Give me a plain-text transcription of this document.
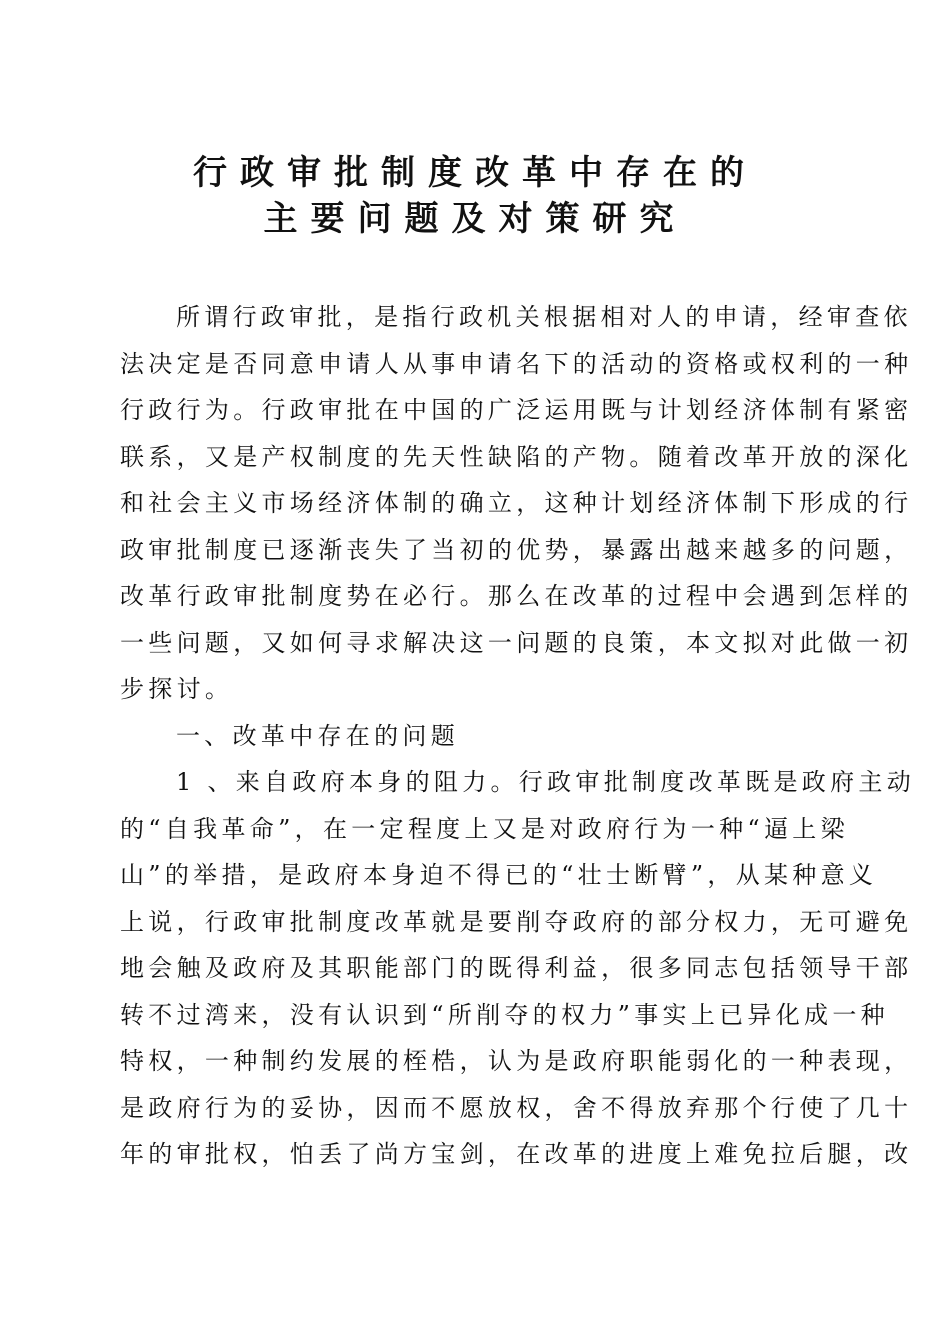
行政审批制度改革中存在的
主要问题及对策研究

所谓行政审批，是指行政机关根据相对人的申请，经审查依
法决定是否同意申请人从事申请名下的活动的资格或权利的一种
行政行为。行政审批在中国的广泛运用既与计划经济体制有紧密
联系，又是产权制度的先天性缺陷的产物。随着改革开放的深化
和社会主义市场经济体制的确立，这种计划经济体制下形成的行
政审批制度已逐渐丧失了当初的优势，暴露出越来越多的问题，
改革行政审批制度势在必行。那么在改革的过程中会遇到怎样的
一些问题，又如何寻求解决这一问题的良策，本文拟对此做一初
步探讨。

一、改革中存在的问题

1 、来自政府本身的阻力。行政审批制度改革既是政府主动
的“自我革命”，在一定程度上又是对政府行为一种“逼上梁
山”的举措，是政府本身迫不得已的“壮士断臂”，从某种意义
上说，行政审批制度改革就是要削夺政府的部分权力，无可避免
地会触及政府及其职能部门的既得利益，很多同志包括领导干部
转不过湾来，没有认识到“所削夺的权力”事实上已异化成一种
特权，一种制约发展的桎梏，认为是政府职能弱化的一种表现，
是政府行为的妥协，因而不愿放权，舍不得放弃那个行使了几十
年的审批权，怕丢了尚方宝剑，在改革的进度上难免拉后腿，改
